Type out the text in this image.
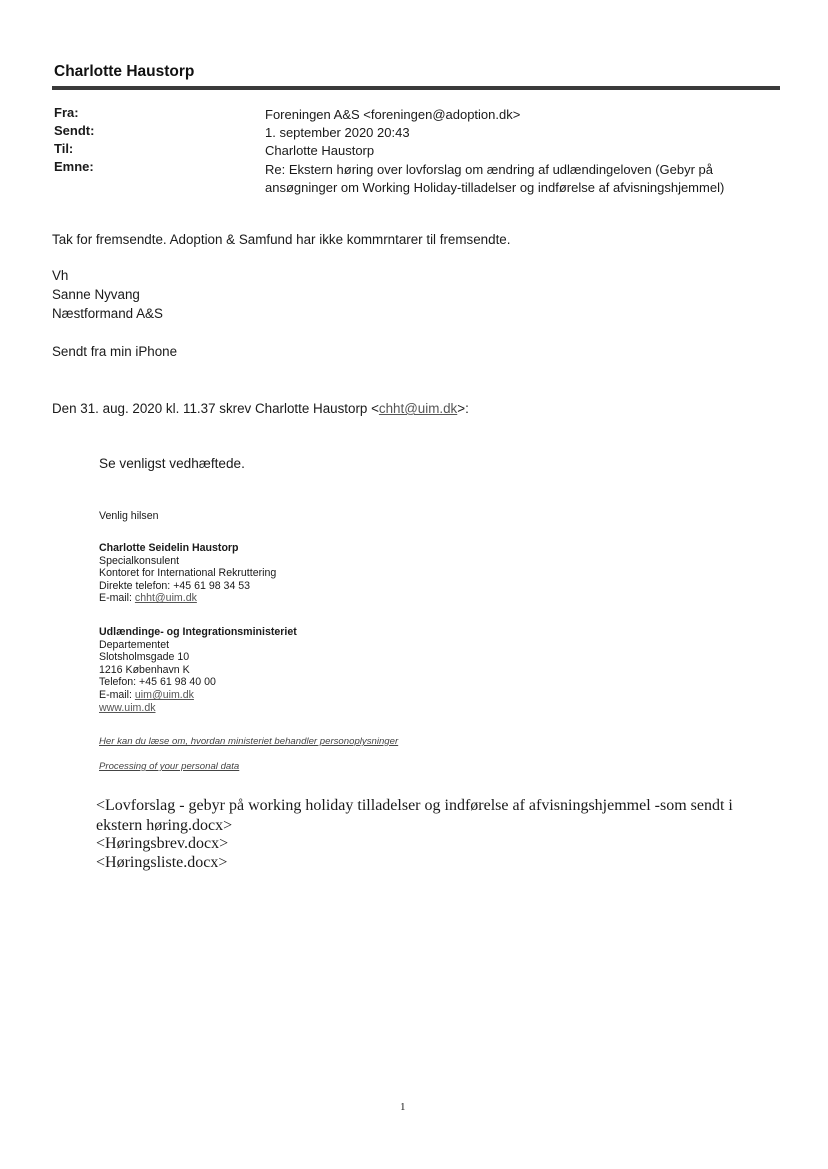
Charlotte Haustorp
Fra:
Sendt:
Til:
Emne:
Foreningen A&S <foreningen@adoption.dk>
1. september 2020 20:43
Charlotte Haustorp
Re: Ekstern høring over lovforslag om ændring af udlændingeloven (Gebyr på
ansøgninger om Working Holiday-tilladelser og indførelse af afvisningshjemmel)
Tak for fremsendte. Adoption & Samfund har ikke kommrntarer til fremsendte.
Vh
Sanne Nyvang
Næstformand A&S
Sendt fra min iPhone
Den 31. aug. 2020 kl. 11.37 skrev Charlotte Haustorp <chht@uim.dk>:
Se venligst vedhæftede.
Venlig hilsen
Charlotte Seidelin Haustorp
Specialkonsulent
Kontoret for International Rekruttering
Direkte telefon: +45 61 98 34 53
E-mail: chht@uim.dk
Udlændinge- og Integrationsministeriet
Departementet
Slotsholmsgade 10
1216 København K
Telefon: +45 61 98 40 00
E-mail: uim@uim.dk
www.uim.dk
Her kan du læse om, hvordan ministeriet behandler personoplysninger
Processing of your personal data
<Lovforslag - gebyr på working holiday tilladelser og indførelse af afvisningshjemmel -som sendt i ekstern høring.docx>
<Høringsbrev.docx>
<Høringsliste.docx>
1
